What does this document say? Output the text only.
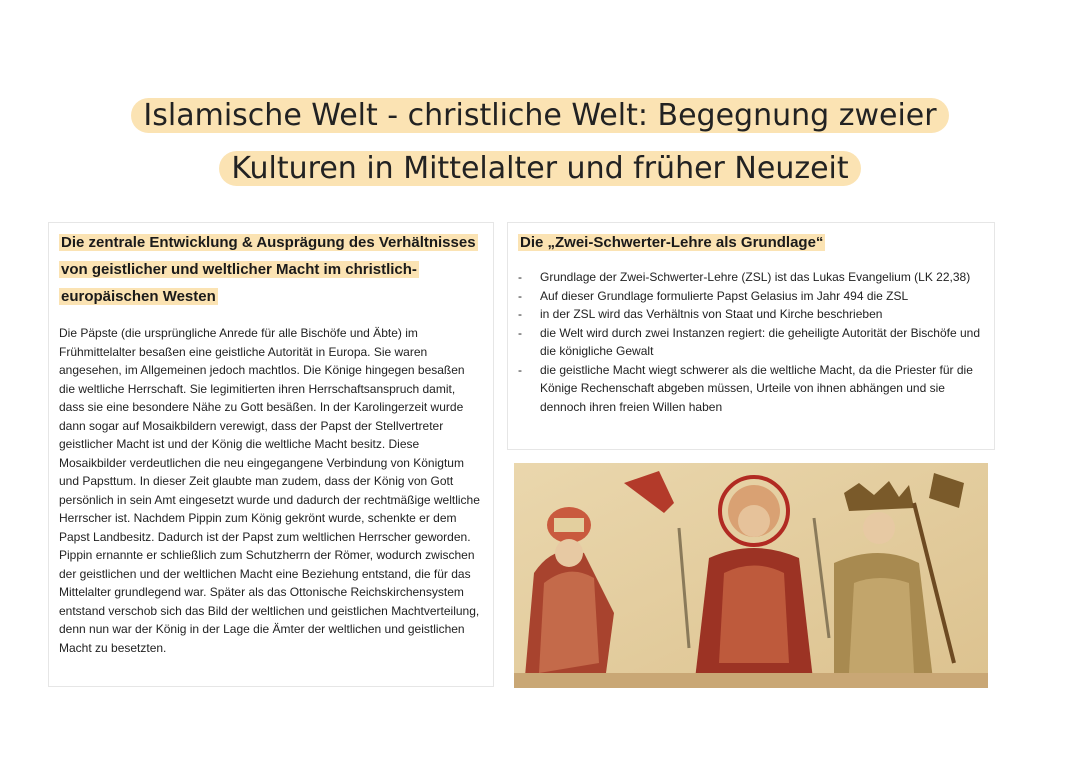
Islamische Welt - christliche Welt: Begegnung zweier
Kulturen in Mittelalter und früher Neuzeit

Die zentrale Entwicklung & Ausprägung des Verhältnisses von geistlicher und weltlicher Macht im christlich-europäischen Westen

Die Päpste (die ursprüngliche Anrede für alle Bischöfe und Äbte) im Frühmittelalter besaßen eine geistliche Autorität in Europa. Sie waren angesehen, im Allgemeinen jedoch machtlos. Die Könige hingegen besaßen die weltliche Herrschaft. Sie legimitierten ihren Herrschaftsanspruch damit, dass sie eine besondere Nähe zu Gott besäßen. In der Karolingerzeit wurde dann sogar auf Mosaikbildern verewigt, dass der Papst der Stellvertreter geistlicher Macht ist und der König die weltliche Macht besitz. Diese Mosaikbilder verdeutlichen die neu eingegangene Verbindung von Königtum und Papsttum. In dieser Zeit glaubte man zudem, dass der König von Gott persönlich in sein Amt eingesetzt wurde und dadurch der rechtmäßige weltliche Herrscher ist. Nachdem Pippin zum König gekrönt wurde, schenkte er dem Papst Landbesitz. Dadurch ist der Papst zum weltlichen Herrscher geworden. Pippin ernannte er schließlich zum Schutzherrn der Römer, wodurch zwischen der geistlichen und der weltlichen Macht eine Beziehung entstand, die für das Mittelalter grundlegend war. Später als das Ottonische Reichskirchensystem entstand verschob sich das Bild der weltlichen und geistlichen Machtverteilung, denn nun war der König in der Lage die Ämter der weltlichen und geistlichen Macht zu besetzten.

Die „Zwei-Schwerter-Lehre als Grundlage“

- Grundlage der Zwei-Schwerter-Lehre (ZSL) ist das Lukas Evangelium (LK 22,38)
- Auf dieser Grundlage formulierte Papst Gelasius im Jahr 494 die ZSL
- in der ZSL wird das Verhältnis von Staat und Kirche beschrieben
- die Welt wird durch zwei Instanzen regiert: die geheiligte Autorität der Bischöfe und die königliche Gewalt
- die geistliche Macht wiegt schwerer als die weltliche Macht, da die Priester für die Könige Rechenschaft abgeben müssen, Urteile von ihnen abhängen und sie dennoch ihren freien Willen haben
